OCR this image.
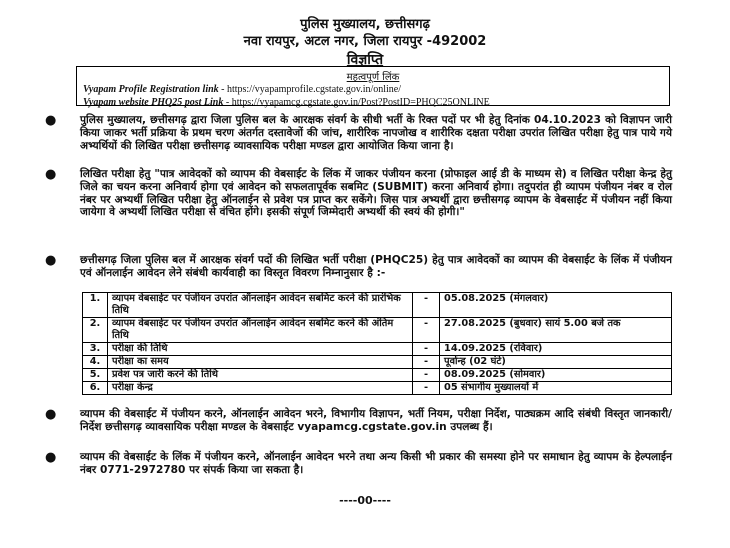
पुलिस मुख्यालय, छत्तीसगढ़
नवा रायपुर, अटल नगर, जिला रायपुर -492002
विज्ञप्ति
महत्वपूर्ण लिंक
Vyapam Profile Registration link - https://vyapamprofile.cgstate.gov.in/online/
Vyapam website PHQ25 post Link - https://vyapamcg.cgstate.gov.in/Post?PostID=PHQC25ONLINE
● पुलिस मुख्यालय, छत्तीसगढ़ द्वारा जिला पुलिस बल के आरक्षक संवर्ग के सीधी भर्ती के रिक्त पदों पर भी हेतु दिनांक 04.10.2023 को विज्ञापन जारी किया जाकर भर्ती प्रक्रिया के प्रथम चरण अंतर्गत दस्तावेजों की जांच, शारीरिक नापजोख व शारीरिक दक्षता परीक्षा उपरांत लिखित परीक्षा हेतु पात्र पाये गये अभ्यर्थियों की लिखित परीक्षा छत्तीसगढ़ व्यावसायिक परीक्षा मण्डल द्वारा आयोजित किया जाना है।
● लिखित परीक्षा हेतु "पात्र आवेदकों को व्यापम की वेबसाईट के लिंक में जाकर पंजीयन करना (प्रोफाइल आई डी के माध्यम से) व लिखित परीक्षा केन्द्र हेतु जिले का चयन करना अनिवार्य होगा एवं आवेदन को सफलतापूर्वक सबमिट (SUBMIT) करना अनिवार्य होगा। तदुपरांत ही व्यापम पंजीयन नंबर व रोल नंबर पर अभ्यर्थी लिखित परीक्षा हेतु ऑनलाईन से प्रवेश पत्र प्राप्त कर सकेंगे। जिस पात्र अभ्यर्थी द्वारा छत्तीसगढ़ व्यापम के वेबसाईट में पंजीयन नहीं किया जायेगा वे अभ्यर्थी लिखित परीक्षा से वंचित होंगे। इसकी संपूर्ण जिम्मेदारी अभ्यर्थी की स्वयं की होगी।"
● छत्तीसगढ़ जिला पुलिस बल में आरक्षक संवर्ग पदों की लिखित भर्ती परीक्षा (PHQC25) हेतु पात्र आवेदकों का व्यापम की वेबसाईट के लिंक में पंजीयन एवं ऑनलाईन आवेदन लेने संबंधी कार्यवाही का विस्तृत विवरण निम्नानुसार है :-
1.	व्यापम वेबसाईट पर पंजीयन उपरांत ऑनलाईन आवेदन सबमिट करने की प्रारंभिक तिथि	-	05.08.2025 (मंगलवार)
2.	व्यापम वेबसाईट पर पंजीयन उपरांत ऑनलाईन आवेदन सबमिट करने की अंतिम तिथि	-	27.08.2025 (बुधवार) सायं 5.00 बजे तक
3.	परीक्षा की तिथि	-	14.09.2025 (रविवार)
4.	परीक्षा का समय	-	पूर्वान्ह (02 घंटे)
5.	प्रवेश पत्र जारी करने की तिथि	-	08.09.2025 (सोमवार)
6.	परीक्षा केन्द्र	-	05 संभागीय मुख्यालयों में
● व्यापम की वेबसाईट में पंजीयन करने, ऑनलाईन आवेदन भरने, विभागीय विज्ञापन, भर्ती नियम, परीक्षा निर्देश, पाठ्यक्रम आदि संबंधी विस्तृत जानकारी/निर्देश छत्तीसगढ़ व्यावसायिक परीक्षा मण्डल के वेबसाईट vyapamcg.cgstate.gov.in उपलब्ध हैं।
● व्यापम की वेबसाईट के लिंक में पंजीयन करने, ऑनलाईन आवेदन भरने तथा अन्य किसी भी प्रकार की समस्या होने पर समाधान हेतु व्यापम के हेल्पलाईन नंबर 0771-2972780 पर संपर्क किया जा सकता है।
----00----
